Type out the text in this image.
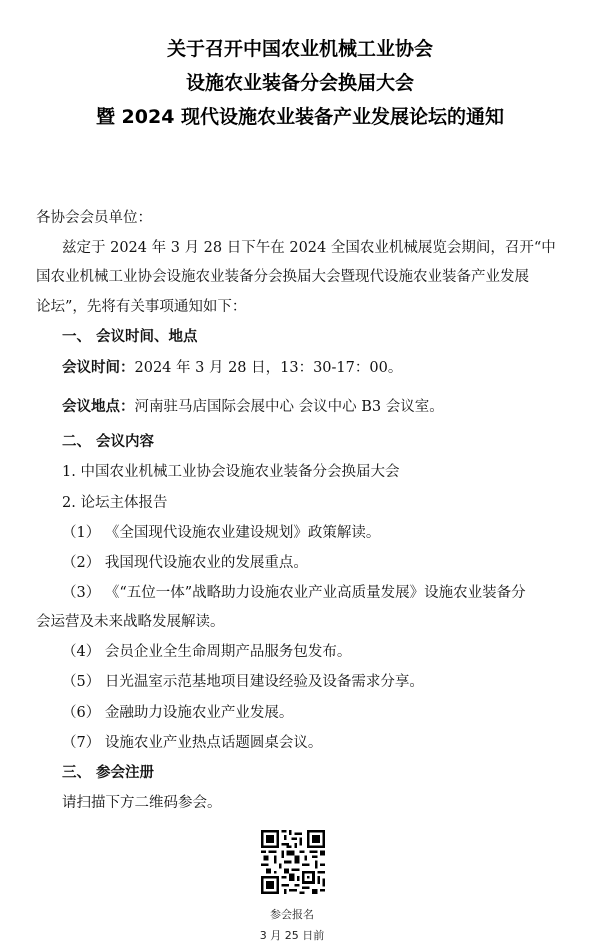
关于召开中国农业机械工业协会
设施农业装备分会换届大会
暨 2024 现代设施农业装备产业发展论坛的通知
各协会会员单位：
兹定于 2024 年 3 月 28 日下午在 2024 全国农业机械展览会期间，召开“中
国农业机械工业协会设施农业装备分会换届大会暨现代设施农业装备产业发展
论坛”，先将有关事项通知如下：
一、 会议时间、地点
会议时间：2024 年 3 月 28 日，13：30-17：00。
会议地点：河南驻马店国际会展中心 会议中心 B3 会议室。
二、 会议内容
1. 中国农业机械工业协会设施农业装备分会换届大会
2. 论坛主体报告
（1） 《全国现代设施农业建设规划》政策解读。
（2） 我国现代设施农业的发展重点。
（3） 《“五位一体”战略助力设施农业产业高质量发展》设施农业装备分
会运营及未来战略发展解读。
（4） 会员企业全生命周期产品服务包发布。
（5） 日光温室示范基地项目建设经验及设备需求分享。
（6） 金融助力设施农业产业发展。
（7） 设施农业产业热点话题圆桌会议。
三、 参会注册
请扫描下方二维码参会。
参会报名
3 月 25 日前
